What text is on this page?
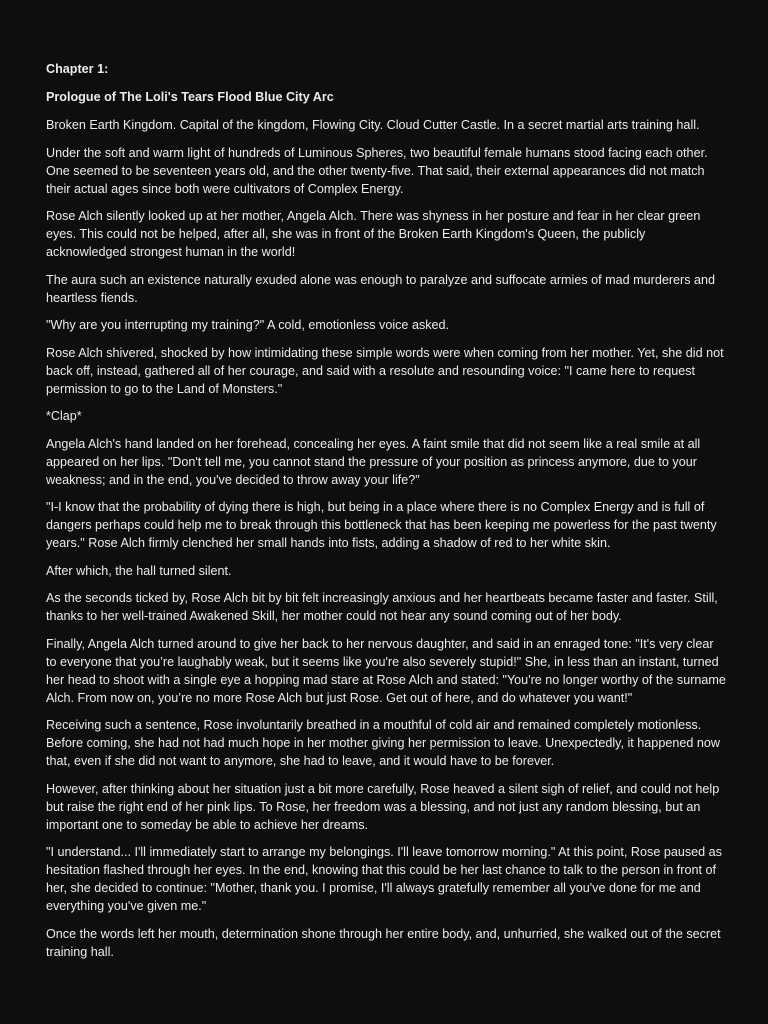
Chapter 1:

Prologue of The Loli's Tears Flood Blue City Arc

Broken Earth Kingdom. Capital of the kingdom, Flowing City. Cloud Cutter Castle. In a secret martial arts training hall.

Under the soft and warm light of hundreds of Luminous Spheres, two beautiful female humans stood facing each other. One seemed to be seventeen years old, and the other twenty-five. That said, their external appearances did not match their actual ages since both were cultivators of Complex Energy.

Rose Alch silently looked up at her mother, Angela Alch. There was shyness in her posture and fear in her clear green eyes. This could not be helped, after all, she was in front of the Broken Earth Kingdom's Queen, the publicly acknowledged strongest human in the world!

The aura such an existence naturally exuded alone was enough to paralyze and suffocate armies of mad murderers and heartless fiends.

"Why are you interrupting my training?" A cold, emotionless voice asked.

Rose Alch shivered, shocked by how intimidating these simple words were when coming from her mother. Yet, she did not back off, instead, gathered all of her courage, and said with a resolute and resounding voice: "I came here to request permission to go to the Land of Monsters."

*Clap*

Angela Alch's hand landed on her forehead, concealing her eyes. A faint smile that did not seem like a real smile at all appeared on her lips. "Don't tell me, you cannot stand the pressure of your position as princess anymore, due to your weakness; and in the end, you've decided to throw away your life?"

"I-I know that the probability of dying there is high, but being in a place where there is no Complex Energy and is full of dangers perhaps could help me to break through this bottleneck that has been keeping me powerless for the past twenty years." Rose Alch firmly clenched her small hands into fists, adding a shadow of red to her white skin.

After which, the hall turned silent.

As the seconds ticked by, Rose Alch bit by bit felt increasingly anxious and her heartbeats became faster and faster. Still, thanks to her well-trained Awakened Skill, her mother could not hear any sound coming out of her body.

Finally, Angela Alch turned around to give her back to her nervous daughter, and said in an enraged tone: "It's very clear to everyone that you’re laughably weak, but it seems like you're also severely stupid!" She, in less than an instant, turned her head to shoot with a single eye a hopping mad stare at Rose Alch and stated: "You're no longer worthy of the surname Alch. From now on, you’re no more Rose Alch but just Rose. Get out of here, and do whatever you want!"

Receiving such a sentence, Rose involuntarily breathed in a mouthful of cold air and remained completely motionless. Before coming, she had not had much hope in her mother giving her permission to leave. Unexpectedly, it happened now that, even if she did not want to anymore, she had to leave, and it would have to be forever.

However, after thinking about her situation just a bit more carefully, Rose heaved a silent sigh of relief, and could not help but raise the right end of her pink lips. To Rose, her freedom was a blessing, and not just any random blessing, but an important one to someday be able to achieve her dreams.

"I understand... I'll immediately start to arrange my belongings. I'll leave tomorrow morning." At this point, Rose paused as hesitation flashed through her eyes. In the end, knowing that this could be her last chance to talk to the person in front of her, she decided to continue: "Mother, thank you. I promise, I'll always gratefully remember all you've done for me and everything you've given me."

Once the words left her mouth, determination shone through her entire body, and, unhurried, she walked out of the secret training hall.
